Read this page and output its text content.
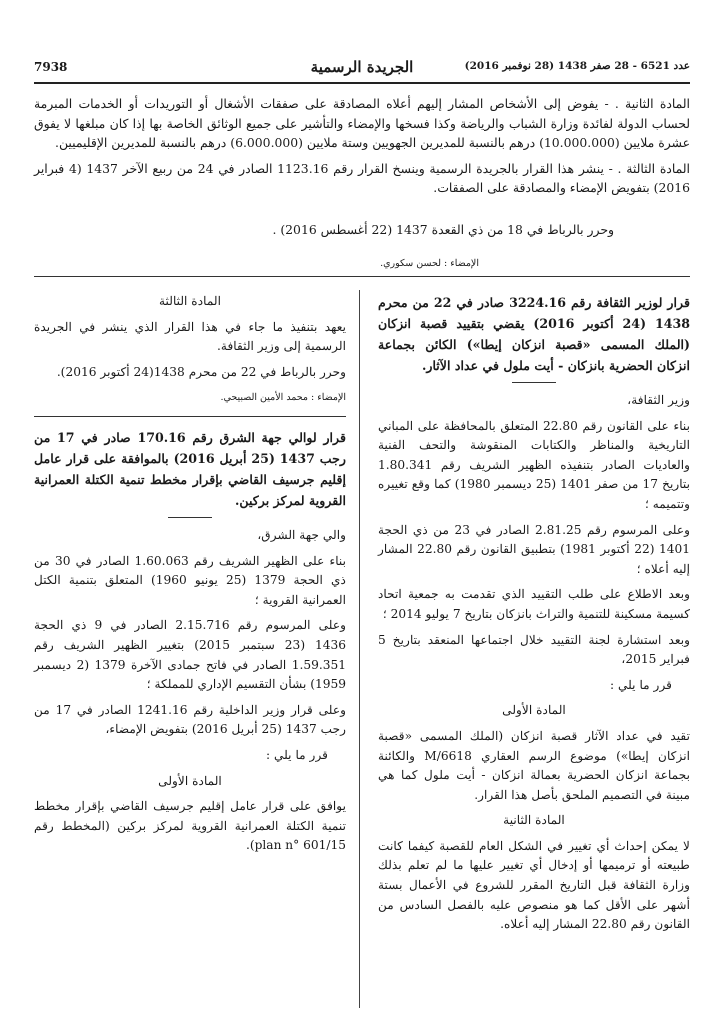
7938	الجريدة الرسمية	عدد 6521 - 28 صفر 1438 (28 نوفمبر 2016)

المادة الثانية . - يفوض إلى الأشخاص المشار إليهم أعلاه المصادقة على صفقات الأشغال أو التوريدات أو الخدمات المبرمة لحساب الدولة لفائدة وزارة الشباب والرياضة وكذا فسخها والإمضاء والتأشير على جميع الوثائق الخاصة بها إذا كان مبلغها لا يفوق عشرة ملايين (10.000.000) درهم بالنسبة للمديرين الجهويين وستة ملايين (6.000.000) درهم بالنسبة للمديرين الإقليميين.

المادة الثالثة . - ينشر هذا القرار بالجريدة الرسمية وينسخ القرار رقم 1123.16 الصادر في 24 من ربيع الآخر 1437 (4 فبراير 2016) بتفويض الإمضاء والمصادقة على الصفقات.

وحرر بالرباط في 18 من ذي القعدة 1437 (22 أغسطس 2016) .
الإمضاء : لحسن سكوري.

قرار لوزير الثقافة رقم 3224.16 صادر في 22 من محرم 1438 (24 أكتوبر 2016) يقضي بتقييد قصبة انزكان (الملك المسمى «قصبة انزكان إيطا») الكائن بجماعة انزكان الحضرية بانزكان - أيت ملول في عداد الآثار.

وزير الثقافة،

بناء على القانون رقم 22.80 المتعلق بالمحافظة على المباني التاريخية والمناظر والكتابات المنقوشة والتحف الفنية والعاديات الصادر بتنفيذه الظهير الشريف رقم 1.80.341 بتاريخ 17 من صفر 1401 (25 ديسمبر 1980) كما وقع تغييره وتتميمه ؛

وعلى المرسوم رقم 2.81.25 الصادر في 23 من ذي الحجة 1401 (22 أكتوبر 1981) بتطبيق القانون رقم 22.80 المشار إليه أعلاه ؛

وبعد الاطلاع على طلب التقييد الذي تقدمت به جمعية اتحاد كسيمة مسكينة للتنمية والتراث بانزكان بتاريخ 7 يوليو 2014 ؛

وبعد استشارة لجنة التقييد خلال اجتماعها المنعقد بتاريخ 5 فبراير 2015،

قرر ما يلي :

المادة الأولى

تقيد في عداد الآثار قصبة انزكان (الملك المسمى «قصبة انزكان إيطا») موضوع الرسم العقاري M/6618 والكائنة بجماعة انزكان الحضرية بعمالة انزكان - أيت ملول كما هي مبينة في التصميم الملحق بأصل هذا القرار.

المادة الثانية

لا يمكن إحداث أي تغيير في الشكل العام للقصبة كيفما كانت طبيعته أو ترميمها أو إدخال أي تغيير عليها ما لم تعلم بذلك وزارة الثقافة قبل التاريخ المقرر للشروع في الأعمال بستة أشهر على الأقل كما هو منصوص عليه بالفصل السادس من القانون رقم 22.80 المشار إليه أعلاه.

المادة الثالثة

يعهد بتنفيذ ما جاء في هذا القرار الذي ينشر في الجريدة الرسمية إلى وزير الثقافة.

وحرر بالرباط في 22 من محرم 1438(24 أكتوبر 2016).

الإمضاء : محمد الأمين الصبيحي.

قرار لوالي جهة الشرق رقم 170.16 صادر في 17 من رجب 1437 (25 أبريل 2016) بالموافقة على قرار عامل إقليم جرسيف القاضي بإقرار مخطط تنمية الكتلة العمرانية القروية لمركز بركين.

والي جهة الشرق،

بناء على الظهير الشريف رقم 1.60.063 الصادر في 30 من ذي الحجة 1379 (25 يونيو 1960) المتعلق بتنمية الكتل العمرانية القروية ؛

وعلى المرسوم رقم 2.15.716 الصادر في 9 ذي الحجة 1436 (23 سبتمبر 2015) بتغيير الظهير الشريف رقم 1.59.351 الصادر في فاتح جمادى الآخرة 1379 (2 ديسمبر 1959) بشأن التقسيم الإداري للمملكة ؛

وعلى قرار وزير الداخلية رقم 1241.16 الصادر في 17 من رجب 1437 (25 أبريل 2016) بتفويض الإمضاء،

قرر ما يلي :

المادة الأولى

يوافق على قرار عامل إقليم جرسيف القاضي بإقرار مخطط تنمية الكتلة العمرانية القروية لمركز بركين (المخطط رقم plan n° 601/15).
